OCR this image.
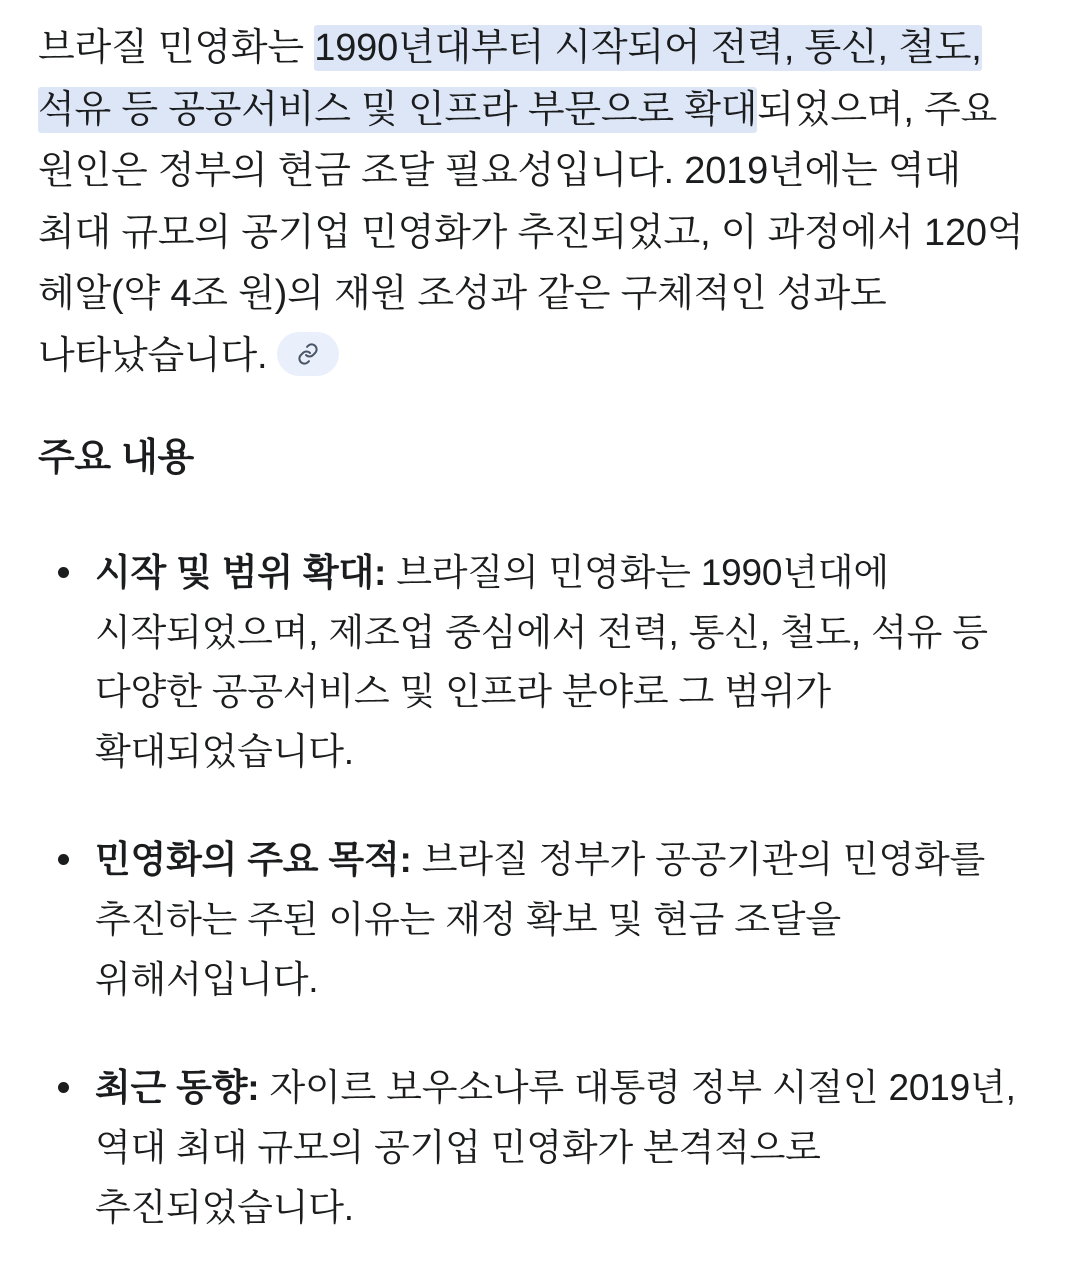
브라질 민영화는 1990년대부터 시작되어 전력, 통신, 철도, 석유 등 공공서비스 및 인프라 부문으로 확대되었으며, 주요 원인은 정부의 현금 조달 필요성입니다. 2019년에는 역대 최대 규모의 공기업 민영화가 추진되었고, 이 과정에서 120억 헤알(약 4조 원)의 재원 조성과 같은 구체적인 성과도 나타났습니다.

주요 내용
시작 및 범위 확대: 브라질의 민영화는 1990년대에 시작되었으며, 제조업 중심에서 전력, 통신, 철도, 석유 등 다양한 공공서비스 및 인프라 분야로 그 범위가 확대되었습니다.
민영화의 주요 목적: 브라질 정부가 공공기관의 민영화를 추진하는 주된 이유는 재정 확보 및 현금 조달을 위해서입니다.
최근 동향: 자이르 보우소나루 대통령 정부 시절인 2019년, 역대 최대 규모의 공기업 민영화가 본격적으로 추진되었습니다.
